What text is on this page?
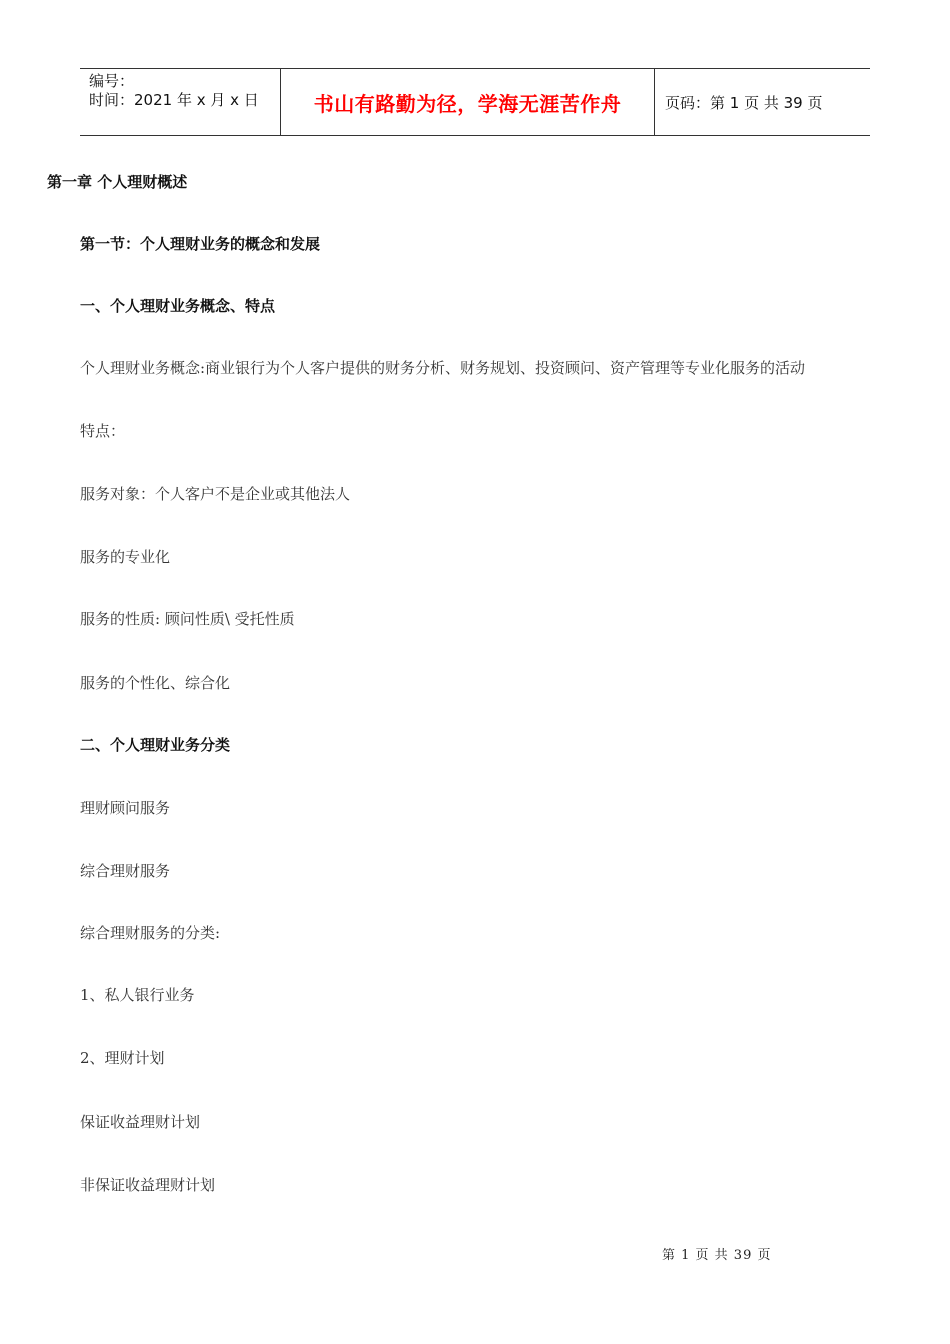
编号：
时间：2021 年 x 月 x 日	书山有路勤为径，学海无涯苦作舟	页码：第 1 页 共 39 页
第一章 个人理财概述
第一节：个人理财业务的概念和发展
一、个人理财业务概念、特点
个人理财业务概念:商业银行为个人客户提供的财务分析、财务规划、投资顾问、资产管理等专业化服务的活动
特点：
服务对象：个人客户不是企业或其他法人
服务的专业化
服务的性质: 顾问性质\ 受托性质
服务的个性化、综合化
二、个人理财业务分类
理财顾问服务
综合理财服务
综合理财服务的分类:
1、私人银行业务
2、理财计划
保证收益理财计划
非保证收益理财计划
第 1 页 共 39 页
